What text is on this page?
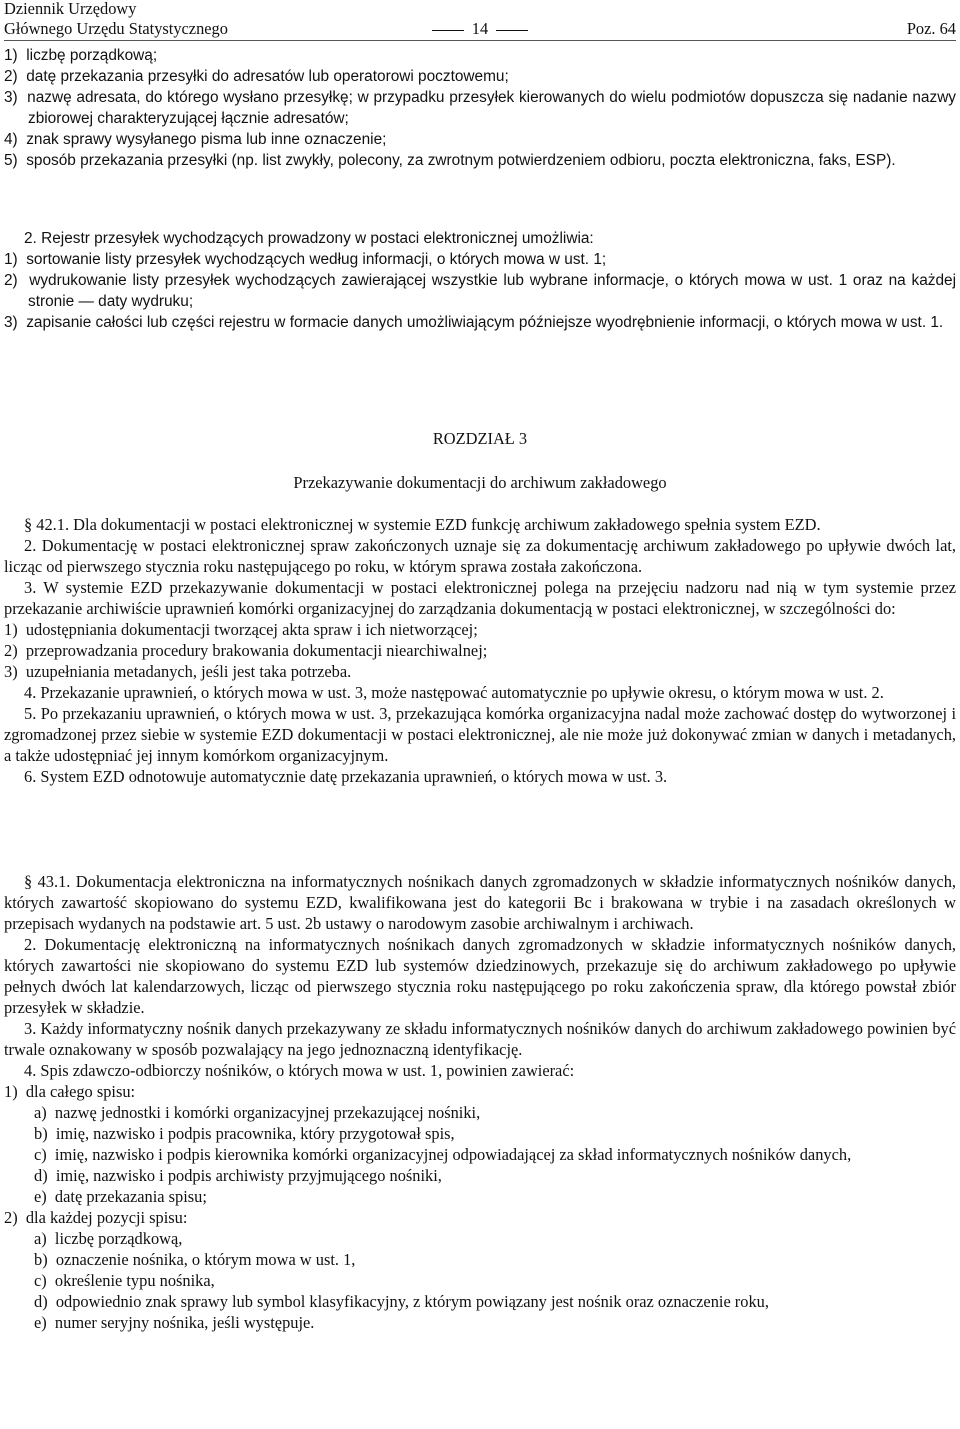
Dziennik Urzędowy
Głównego Urzędu Statystycznego	14	Poz. 64

1)  liczbę porządkową;

2)  datę przekazania przesyłki do adresatów lub operatorowi pocztowemu;

3)  nazwę adresata, do którego wysłano przesyłkę; w przypadku przesyłek kierowanych do wielu podmiotów dopuszcza się nadanie nazwy zbiorowej charakteryzującej łącznie adresatów;

4)  znak sprawy wysyłanego pisma lub inne oznaczenie;

5)  sposób przekazania przesyłki (np. list zwykły, polecony, za zwrotnym potwierdzeniem odbioru, poczta elektroniczna, faks, ESP).

2. Rejestr przesyłek wychodzących prowadzony w postaci elektronicznej umożliwia:

1)  sortowanie listy przesyłek wychodzących według informacji, o których mowa w ust. 1;

2)  wydrukowanie listy przesyłek wychodzących zawierającej wszystkie lub wybrane informacje, o których mowa w ust. 1 oraz na każdej stronie — daty wydruku;

3)  zapisanie całości lub części rejestru w formacie danych umożliwiającym późniejsze wyodrębnienie informacji, o których mowa w ust. 1.

ROZDZIAŁ 3
Przekazywanie dokumentacji do archiwum zakładowego

§ 42.1. Dla dokumentacji w postaci elektronicznej w systemie EZD funkcję archiwum zakładowego spełnia system EZD.

2. Dokumentację w postaci elektronicznej spraw zakończonych uznaje się za dokumentację archiwum zakładowego po upływie dwóch lat, licząc od pierwszego stycznia roku następującego po roku, w którym sprawa została zakończona.

3. W systemie EZD przekazywanie dokumentacji w postaci elektronicznej polega na przejęciu nadzoru nad nią w tym systemie przez przekazanie archiwiście uprawnień komórki organizacyjnej do zarządzania dokumentacją w postaci elektronicznej, w szczególności do:

1)  udostępniania dokumentacji tworzącej akta spraw i ich nietworzącej;

2)  przeprowadzania procedury brakowania dokumentacji niearchiwalnej;

3)  uzupełniania metadanych, jeśli jest taka potrzeba.

4. Przekazanie uprawnień, o których mowa w ust. 3, może następować automatycznie po upływie okresu, o którym mowa w ust. 2.

5. Po przekazaniu uprawnień, o których mowa w ust. 3, przekazująca komórka organizacyjna nadal może zachować dostęp do wytworzonej i zgromadzonej przez siebie w systemie EZD dokumentacji w postaci elektronicznej, ale nie może już dokonywać zmian w danych i metadanych, a także udostępniać jej innym komórkom organizacyjnym.

6. System EZD odnotowuje automatycznie datę przekazania uprawnień, o których mowa w ust. 3.

§ 43.1. Dokumentacja elektroniczna na informatycznych nośnikach danych zgromadzonych w składzie informatycznych nośników danych, których zawartość skopiowano do systemu EZD, kwalifikowana jest do kategorii Bc i brakowana w trybie i na zasadach określonych w przepisach wydanych na podstawie art. 5 ust. 2b ustawy o narodowym zasobie archiwalnym i archiwach.

2. Dokumentację elektroniczną na informatycznych nośnikach danych zgromadzonych w składzie informatycznych nośników danych, których zawartości nie skopiowano do systemu EZD lub systemów dziedzinowych, przekazuje się do archiwum zakładowego po upływie pełnych dwóch lat kalendarzowych, licząc od pierwszego stycznia roku następującego po roku zakończenia spraw, dla którego powstał zbiór przesyłek w składzie.

3. Każdy informatyczny nośnik danych przekazywany ze składu informatycznych nośników danych do archiwum zakładowego powinien być trwale oznakowany w sposób pozwalający na jego jednoznaczną identyfikację.

4. Spis zdawczo-odbiorczy nośników, o których mowa w ust. 1, powinien zawierać:

1)  dla całego spisu:

a)  nazwę jednostki i komórki organizacyjnej przekazującej nośniki,

b)  imię, nazwisko i podpis pracownika, który przygotował spis,

c)  imię, nazwisko i podpis kierownika komórki organizacyjnej odpowiadającej za skład informatycznych nośników danych,

d)  imię, nazwisko i podpis archiwisty przyjmującego nośniki,

e)  datę przekazania spisu;

2)  dla każdej pozycji spisu:

a)  liczbę porządkową,

b)  oznaczenie nośnika, o którym mowa w ust. 1,

c)  określenie typu nośnika,

d)  odpowiednio znak sprawy lub symbol klasyfikacyjny, z którym powiązany jest nośnik oraz oznaczenie roku,

e)  numer seryjny nośnika, jeśli występuje.
